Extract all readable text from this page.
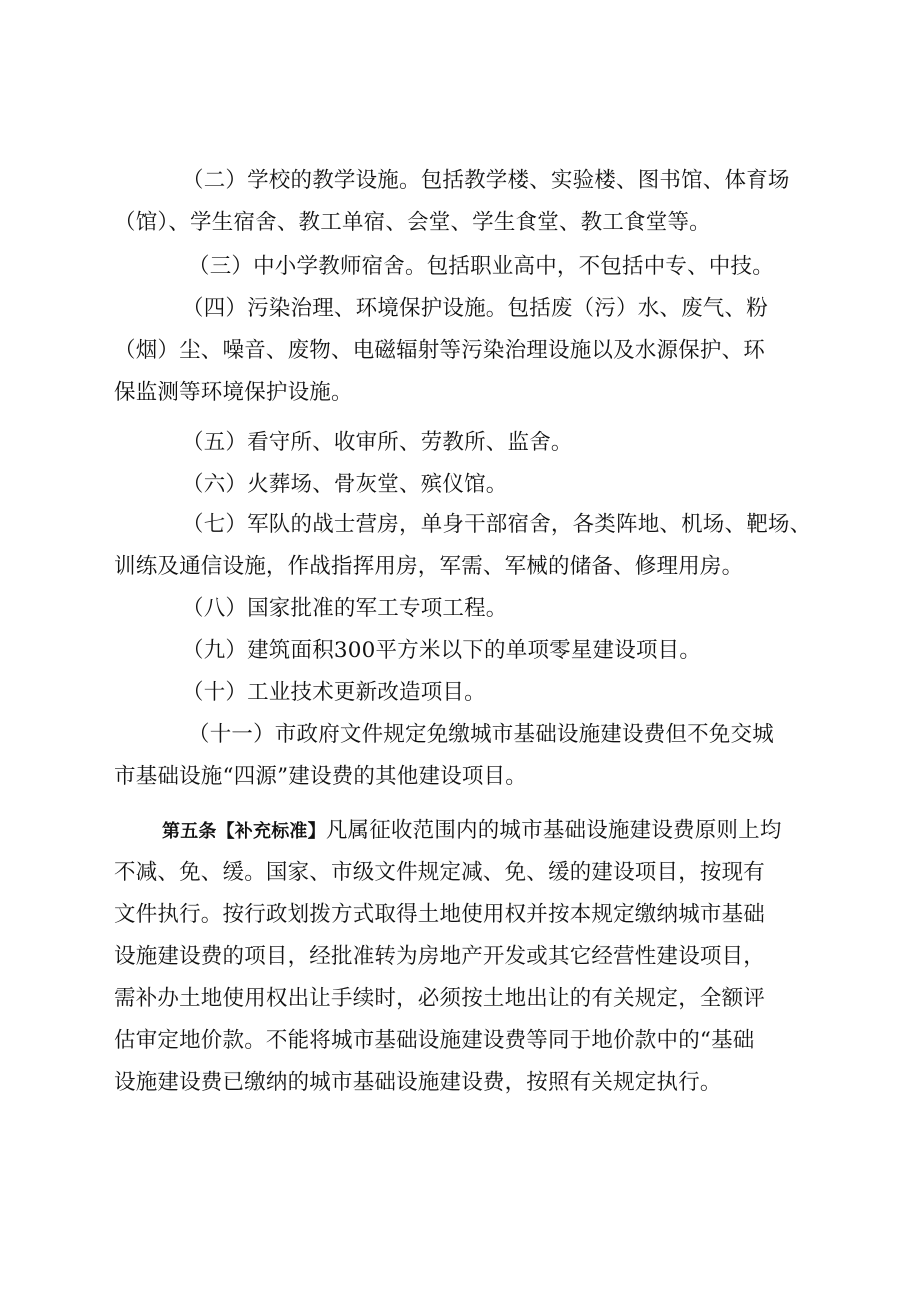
（二）学校的教学设施。包括教学楼、实验楼、图书馆、体育场
（馆）、学生宿舍、教工单宿、会堂、学生食堂、教工食堂等。
（三）中小学教师宿舍。包括职业高中，不包括中专、中技。
（四）污染治理、环境保护设施。包括废（污）水、废气、粉
（烟）尘、噪音、废物、电磁辐射等污染治理设施以及水源保护、环
保监测等环境保护设施。
（五）看守所、收审所、劳教所、监舍。
（六）火葬场、骨灰堂、殡仪馆。
（七）军队的战士营房，单身干部宿舍，各类阵地、机场、靶场、
训练及通信设施，作战指挥用房，军需、军械的储备、修理用房。
（八）国家批准的军工专项工程。
（九）建筑面积300平方米以下的单项零星建设项目。
（十）工业技术更新改造项目。
（十一）市政府文件规定免缴城市基础设施建设费但不免交城
市基础设施“四源”建设费的其他建设项目。
第五条【补充标准】凡属征收范围内的城市基础设施建设费原则上均
不减、免、缓。国家、市级文件规定减、免、缓的建设项目，按现有
文件执行。按行政划拨方式取得土地使用权并按本规定缴纳城市基础
设施建设费的项目，经批准转为房地产开发或其它经营性建设项目，
需补办土地使用权出让手续时，必须按土地出让的有关规定，全额评
估审定地价款。不能将城市基础设施建设费等同于地价款中的“基础
设施建设费已缴纳的城市基础设施建设费，按照有关规定执行。
